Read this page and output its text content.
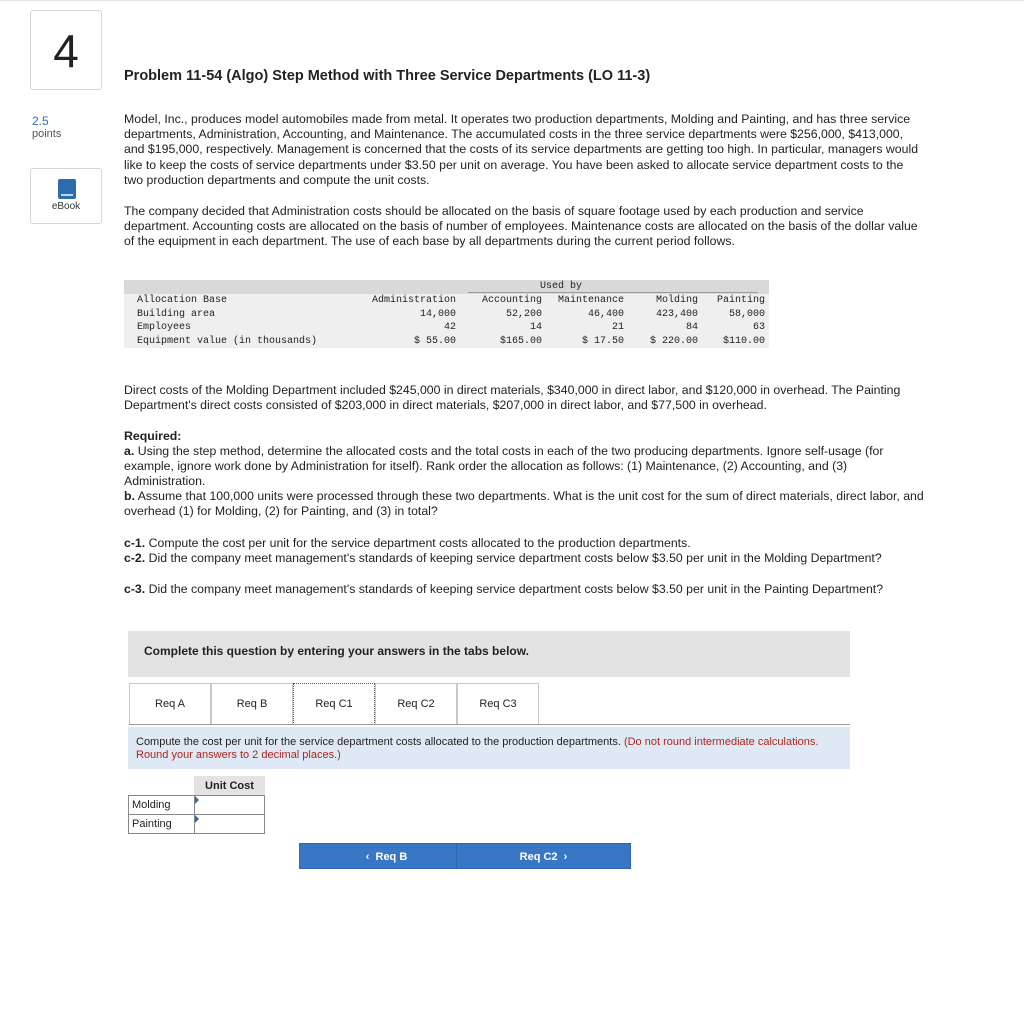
4
2.5
points
eBook
Problem 11-54 (Algo) Step Method with Three Service Departments (LO 11-3)
Model, Inc., produces model automobiles made from metal. It operates two production departments, Molding and Painting, and has three service departments, Administration, Accounting, and Maintenance. The accumulated costs in the three service departments were $256,000, $413,000, and $195,000, respectively. Management is concerned that the costs of its service departments are getting too high. In particular, managers would like to keep the costs of service departments under $3.50 per unit on average. You have been asked to allocate service department costs to the two production departments and compute the unit costs.
The company decided that Administration costs should be allocated on the basis of square footage used by each production and service department. Accounting costs are allocated on the basis of number of employees. Maintenance costs are allocated on the basis of the dollar value of the equipment in each department. The use of each base by all departments during the current period follows.
Used by
Allocation Base	Administration	Accounting	Maintenance	Molding	Painting
Building area	14,000	52,200	46,400	423,400	58,000
Employees	42	14	21	84	63
Equipment value (in thousands)	$ 55.00	$165.00	$ 17.50	$ 220.00	$110.00
Direct costs of the Molding Department included $245,000 in direct materials, $340,000 in direct labor, and $120,000 in overhead. The Painting Department's direct costs consisted of $203,000 in direct materials, $207,000 in direct labor, and $77,500 in overhead.
Required:
a. Using the step method, determine the allocated costs and the total costs in each of the two producing departments. Ignore self-usage (for example, ignore work done by Administration for itself). Rank order the allocation as follows: (1) Maintenance, (2) Accounting, and (3) Administration.
b. Assume that 100,000 units were processed through these two departments. What is the unit cost for the sum of direct materials, direct labor, and overhead (1) for Molding, (2) for Painting, and (3) in total?
c-1. Compute the cost per unit for the service department costs allocated to the production departments.
c-2. Did the company meet management's standards of keeping service department costs below $3.50 per unit in the Molding Department?
c-3. Did the company meet management's standards of keeping service department costs below $3.50 per unit in the Painting Department?
Complete this question by entering your answers in the tabs below.
Req A	Req B	Req C1	Req C2	Req C3
Compute the cost per unit for the service department costs allocated to the production departments. (Do not round intermediate calculations. Round your answers to 2 decimal places.)
	Unit Cost
Molding	
Painting	
‹ Req B	Req C2 ›
